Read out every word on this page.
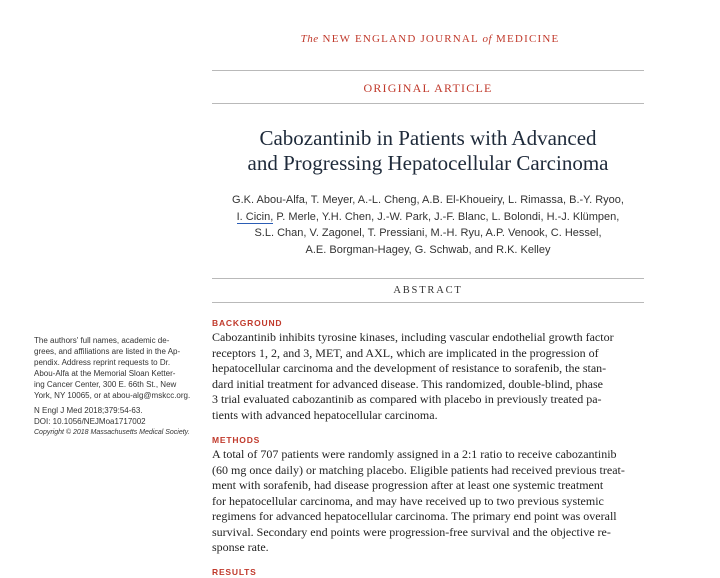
The NEW ENGLAND JOURNAL of MEDICINE
ORIGINAL ARTICLE
Cabozantinib in Patients with Advanced
and Progressing Hepatocellular Carcinoma

G.K. Abou-Alfa, T. Meyer, A.-L. Cheng, A.B. El-Khoueiry, L. Rimassa, B.-Y. Ryoo,

I. Cicin, P. Merle, Y.H. Chen, J.-W. Park, J.-F. Blanc, L. Bolondi, H.-J. Klümpen,

S.L. Chan, V. Zagonel, T. Pressiani, M.-H. Ryu, A.P. Venook, C. Hessel,

A.E. Borgman-Hagey, G. Schwab, and R.K. Kelley

ABSTRACT

The authors' full names, academic de-

grees, and affiliations are listed in the Ap-

pendix. Address reprint requests to Dr.

Abou-Alfa at the Memorial Sloan Ketter-

ing Cancer Center, 300 E. 66th St., New

York, NY 10065, or at abou-alg@mskcc.org.

N Engl J Med 2018;379:54-63.

DOI: 10.1056/NEJMoa1717002

Copyright © 2018 Massachusetts Medical Society.

BACKGROUND

Cabozantinib inhibits tyrosine kinases, including vascular endothelial growth factor

receptors 1, 2, and 3, MET, and AXL, which are implicated in the progression of

hepatocellular carcinoma and the development of resistance to sorafenib, the stan-

dard initial treatment for advanced disease. This randomized, double-blind, phase

3 trial evaluated cabozantinib as compared with placebo in previously treated pa-

tients with advanced hepatocellular carcinoma.

METHODS

A total of 707 patients were randomly assigned in a 2:1 ratio to receive cabozantinib

(60 mg once daily) or matching placebo. Eligible patients had received previous treat-

ment with sorafenib, had disease progression after at least one systemic treatment

for hepatocellular carcinoma, and may have received up to two previous systemic

regimens for advanced hepatocellular carcinoma. The primary end point was overall

survival. Secondary end points were progression-free survival and the objective re-

sponse rate.

RESULTS
